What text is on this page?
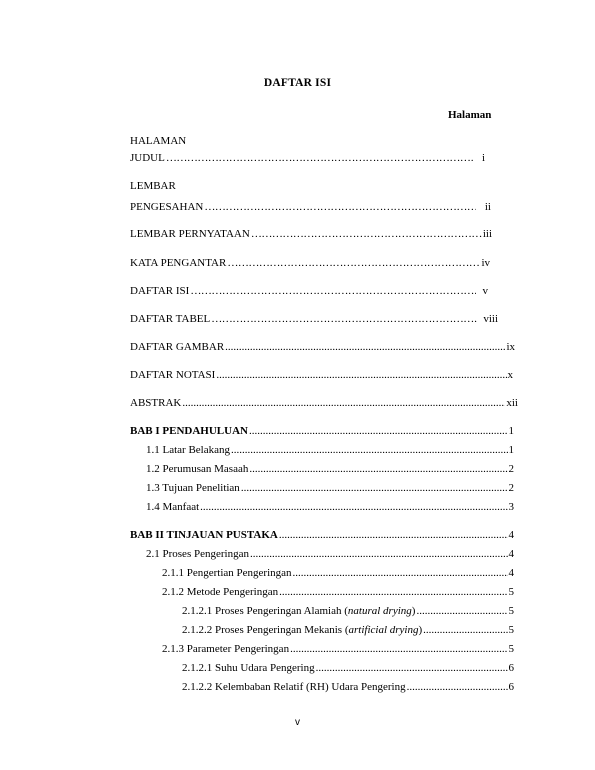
DAFTAR ISI
Halaman
HALAMAN
JUDUL ……………………………………………………………………………………………………………………………………………………………………………………………………………………	i
LEMBAR
PENGESAHAN ……………………………………………………………………………………………………………………………………………………………………………………………………………………	ii
LEMBAR PERNYATAAN ……………………………………………………………………………………………………………………………………………………………………………………………………………………	iii
KATA PENGANTAR ……………………………………………………………………………………………………………………………………………………………………………………………………………………	iv
DAFTAR ISI ……………………………………………………………………………………………………………………………………………………………………………………………………………………	v
DAFTAR TABEL ……………………………………………………………………………………………………………………………………………………………………………………………………………………	viii
DAFTAR GAMBAR .....	ix
DAFTAR NOTASI .....	x
ABSTRAK .....	xii
BAB I PENDAHULUAN .....	1
1.1 Latar Belakang .....	1
1.2 Perumusan Masaah .....	2
1.3 Tujuan Penelitian .....	2
1.4 Manfaat .....	3
BAB II TINJAUAN PUSTAKA .....	4
2.1 Proses Pengeringan .....	4
2.1.1 Pengertian Pengeringan .....	4
2.1.2 Metode Pengeringan .....	5
2.1.2.1 Proses Pengeringan Alamiah (natural drying) .....	5
2.1.2.2 Proses Pengeringan Mekanis (artificial drying) .....	5
2.1.3 Parameter Pengeringan .....	5
2.1.2.1 Suhu Udara Pengering .....	6
2.1.2.2 Kelembaban Relatif (RH) Udara Pengering .....	6
v
